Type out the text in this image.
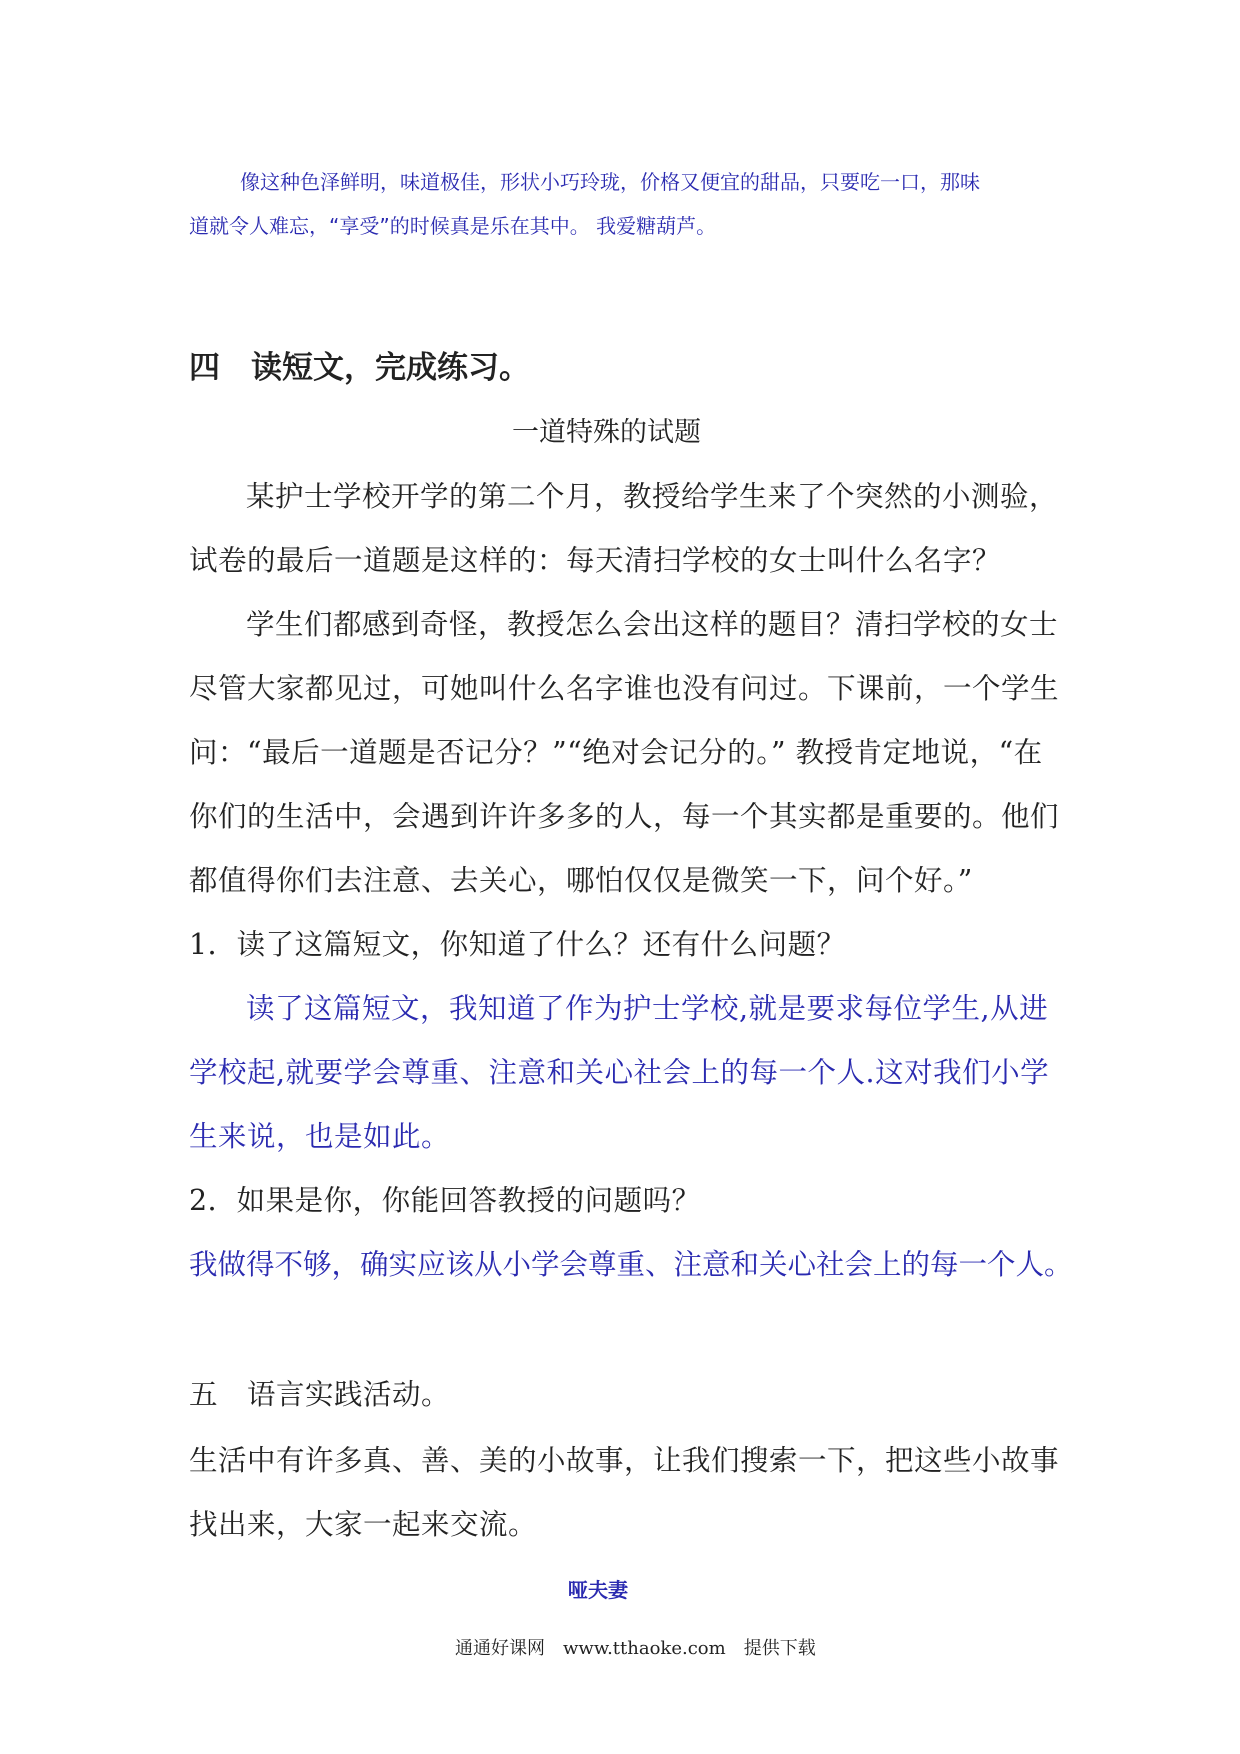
像这种色泽鲜明，味道极佳，形状小巧玲珑，价格又便宜的甜品，只要吃一口，那味
道就令人难忘，“享受”的时候真是乐在其中。 我爱糖葫芦。
四　读短文，完成练习。
一道特殊的试题
某护士学校开学的第二个月，教授给学生来了个突然的小测验，
试卷的最后一道题是这样的：每天清扫学校的女士叫什么名字？
学生们都感到奇怪，教授怎么会出这样的题目？清扫学校的女士
尽管大家都见过，可她叫什么名字谁也没有问过。下课前，一个学生
问：“最后一道题是否记分？”“绝对会记分的。” 教授肯定地说，“在
你们的生活中，会遇到许许多多的人，每一个其实都是重要的。他们
都值得你们去注意、去关心，哪怕仅仅是微笑一下，问个好。”
1．读了这篇短文，你知道了什么？还有什么问题？
读了这篇短文，我知道了作为护士学校,就是要求每位学生,从进
学校起,就要学会尊重、注意和关心社会上的每一个人.这对我们小学
生来说，也是如此。
2．如果是你，你能回答教授的问题吗？
我做得不够，确实应该从小学会尊重、注意和关心社会上的每一个人。
五　语言实践活动。
生活中有许多真、善、美的小故事，让我们搜索一下，把这些小故事
找出来，大家一起来交流。
哑夫妻
通通好课网　www.tthaoke.com　提供下载
